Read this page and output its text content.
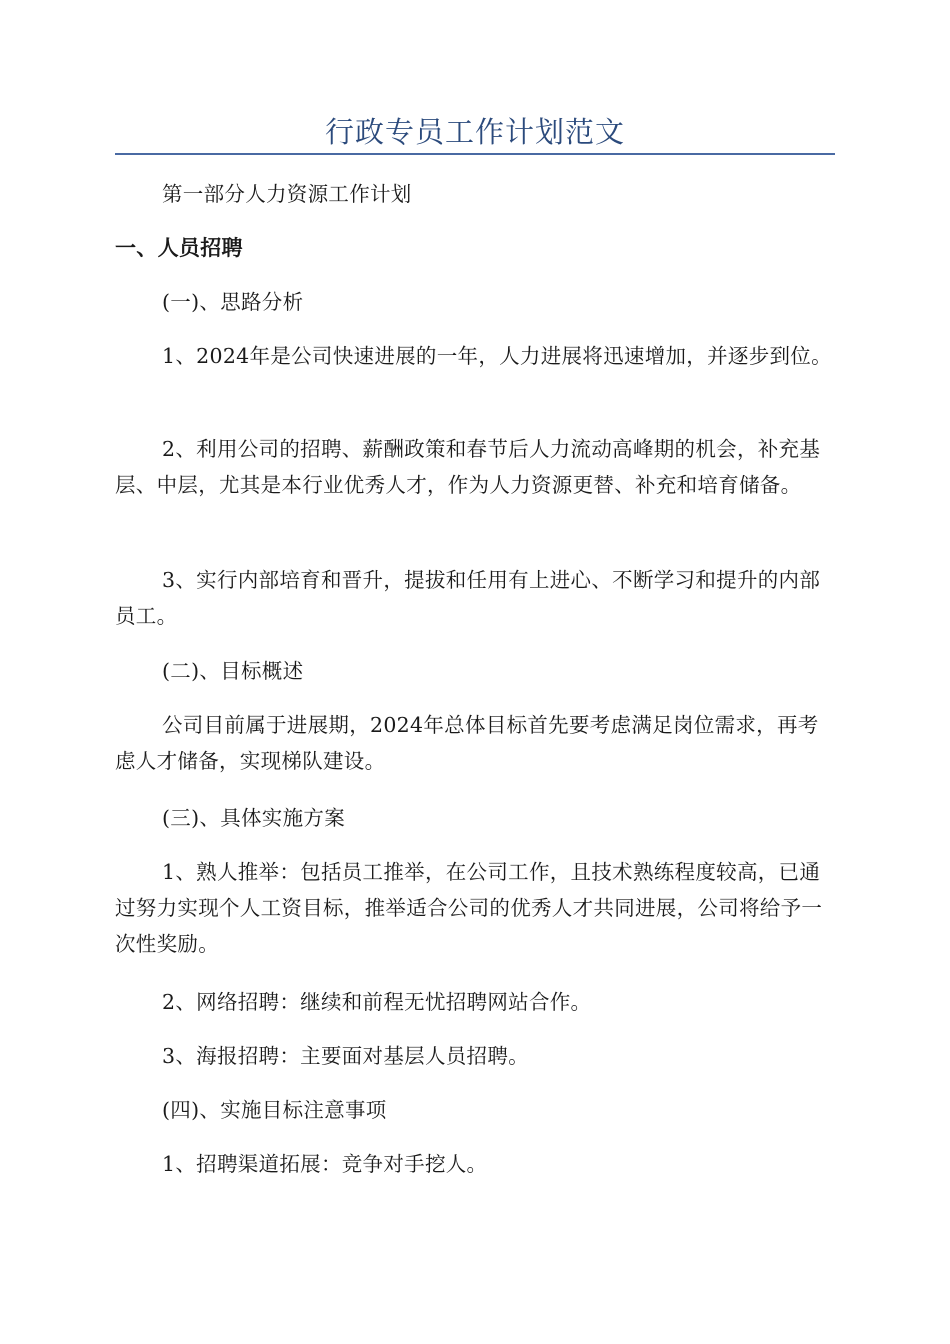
行政专员工作计划范文

第一部分人力资源工作计划

一、人员招聘

(一)、思路分析

1、2024年是公司快速进展的一年，人力进展将迅速增加，并逐步到位。

2、利用公司的招聘、薪酬政策和春节后人力流动高峰期的机会，补充基层、中层，尤其是本行业优秀人才，作为人力资源更替、补充和培育储备。

3、实行内部培育和晋升，提拔和任用有上进心、不断学习和提升的内部员工。

(二)、目标概述

公司目前属于进展期，2024年总体目标首先要考虑满足岗位需求，再考虑人才储备，实现梯队建设。

(三)、具体实施方案

1、熟人推举：包括员工推举，在公司工作，且技术熟练程度较高，已通过努力实现个人工资目标，推举适合公司的优秀人才共同进展，公司将给予一次性奖励。

2、网络招聘：继续和前程无忧招聘网站合作。

3、海报招聘：主要面对基层人员招聘。

(四)、实施目标注意事项

1、招聘渠道拓展：竞争对手挖人。
